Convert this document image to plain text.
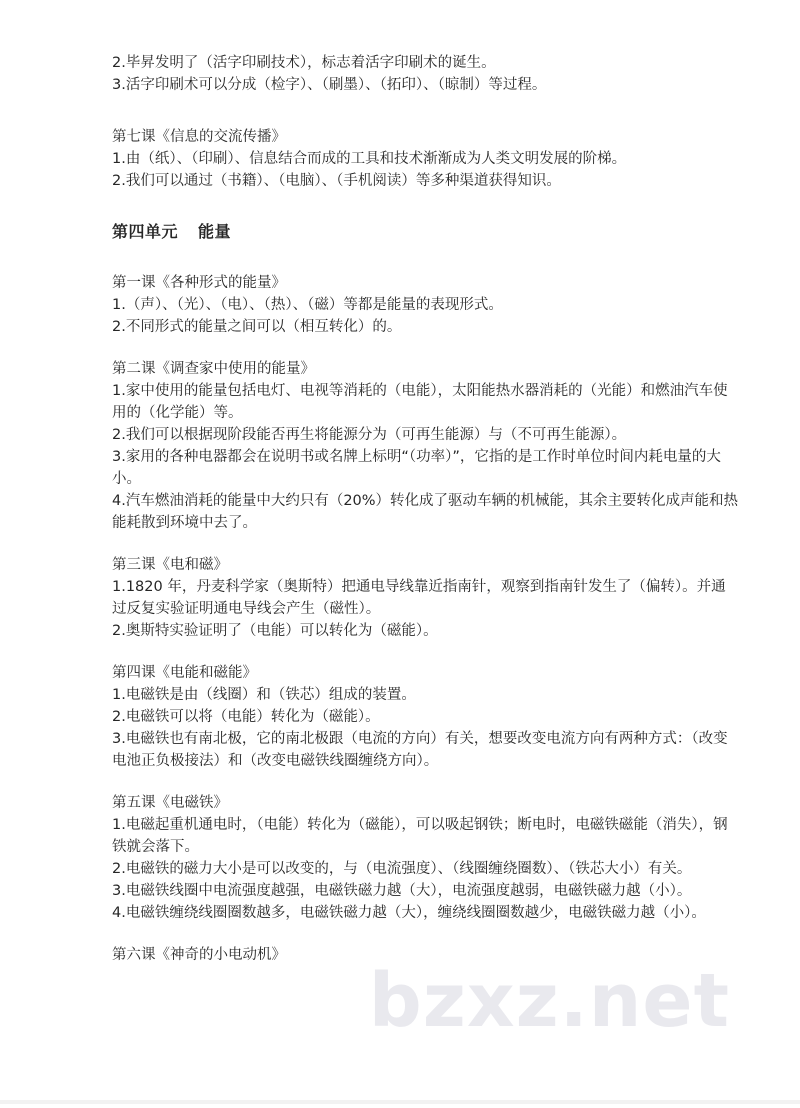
2.毕昇发明了（活字印刷技术），标志着活字印刷术的诞生。

3.活字印刷术可以分成（检字）、（刷墨）、（拓印）、（晾制）等过程。

第七课《信息的交流传播》

1.由（纸）、（印刷）、信息结合而成的工具和技术渐渐成为人类文明发展的阶梯。

2.我们可以通过（书籍）、（电脑）、（手机阅读）等多种渠道获得知识。

第四单元 能量

第一课《各种形式的能量》

1.（声）、（光）、（电）、（热）、（磁）等都是能量的表现形式。

2.不同形式的能量之间可以（相互转化）的。

第二课《调查家中使用的能量》

1.家中使用的能量包括电灯、电视等消耗的（电能），太阳能热水器消耗的（光能）和燃油汽车使用的（化学能）等。

2.我们可以根据现阶段能否再生将能源分为（可再生能源）与（不可再生能源）。

3.家用的各种电器都会在说明书或名牌上标明“（功率）”，它指的是工作时单位时间内耗电量的大小。

4.汽车燃油消耗的能量中大约只有（20%）转化成了驱动车辆的机械能，其余主要转化成声能和热能耗散到环境中去了。

第三课《电和磁》

1.1820 年，丹麦科学家（奥斯特）把通电导线靠近指南针，观察到指南针发生了（偏转）。并通过反复实验证明通电导线会产生（磁性）。

2.奥斯特实验证明了（电能）可以转化为（磁能）。

第四课《电能和磁能》

1.电磁铁是由（线圈）和（铁芯）组成的装置。

2.电磁铁可以将（电能）转化为（磁能）。

3.电磁铁也有南北极，它的南北极跟（电流的方向）有关，想要改变电流方向有两种方式：（改变电池正负极接法）和（改变电磁铁线圈缠绕方向）。

第五课《电磁铁》

1.电磁起重机通电时，（电能）转化为（磁能），可以吸起钢铁；断电时，电磁铁磁能（消失），钢铁就会落下。

2.电磁铁的磁力大小是可以改变的，与（电流强度）、（线圈缠绕圈数）、（铁芯大小）有关。

3.电磁铁线圈中电流强度越强，电磁铁磁力越（大），电流强度越弱，电磁铁磁力越（小）。

4.电磁铁缠绕线圈圈数越多，电磁铁磁力越（大），缠绕线圈圈数越少，电磁铁磁力越（小）。

第六课《神奇的小电动机》

bzxz.net
